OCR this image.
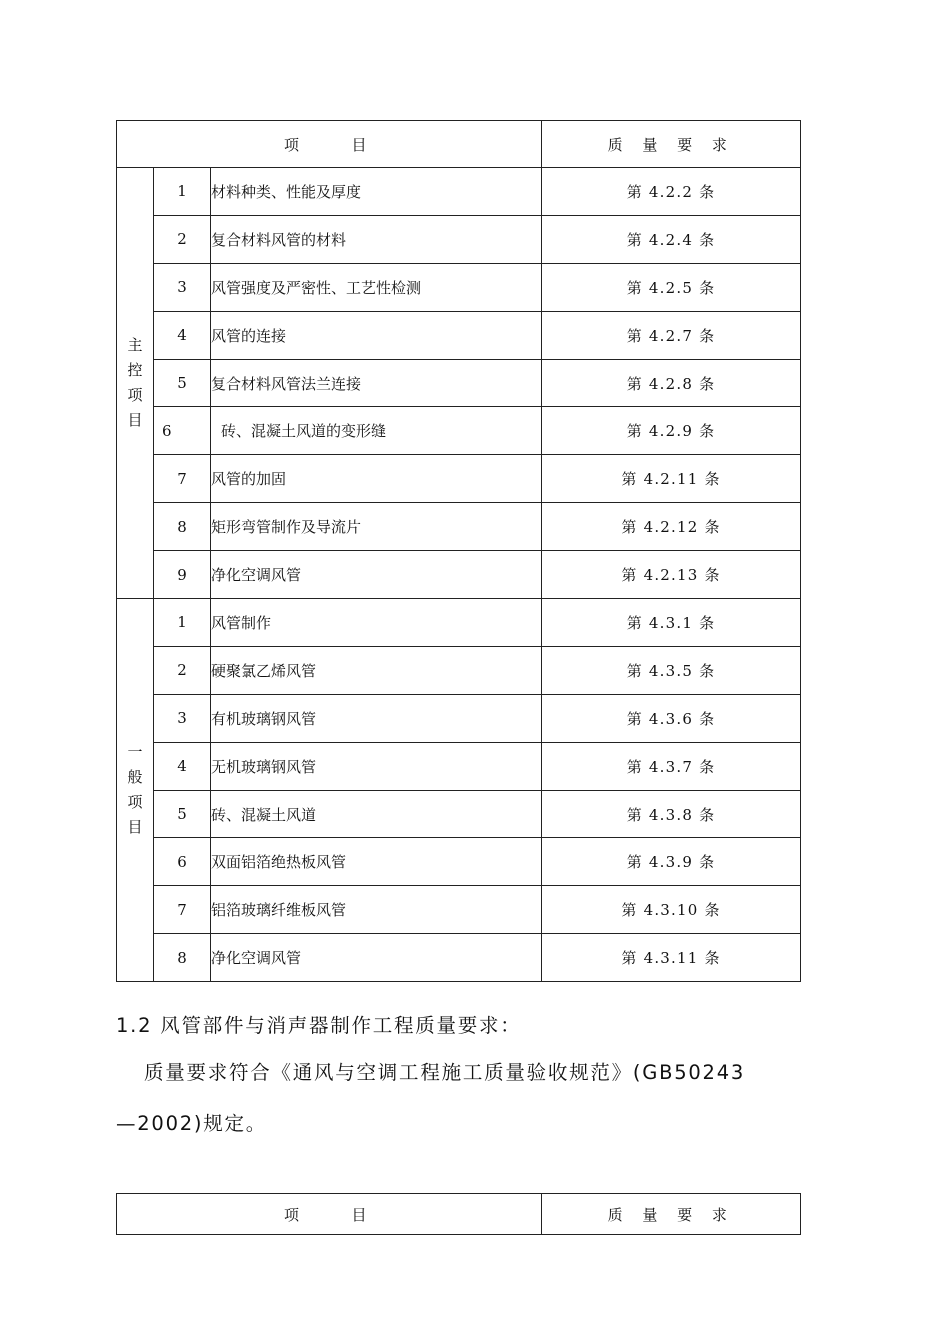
项　　目			质 量 要 求

主
控
项
目	1	材料种类、性能及厚度	第 4.2.2 条
	2	复合材料风管的材料	第 4.2.4 条
	3	风管强度及严密性、工艺性检测	第 4.2.5 条
	4	风管的连接	第 4.2.7 条
	5	复合材料风管法兰连接	第 4.2.8 条
	6	砖、混凝土风道的变形缝	第 4.2.9 条
	7	风管的加固	第 4.2.11 条
	8	矩形弯管制作及导流片	第 4.2.12 条
	9	净化空调风管	第 4.2.13 条

一
般
项
目	1	风管制作	第 4.3.1 条
	2	硬聚氯乙烯风管	第 4.3.5 条
	3	有机玻璃钢风管	第 4.3.6 条
	4	无机玻璃钢风管	第 4.3.7 条
	5	砖、混凝土风道	第 4.3.8 条
	6	双面铝箔绝热板风管	第 4.3.9 条
	7	铝箔玻璃纤维板风管	第 4.3.10 条
	8	净化空调风管	第 4.3.11 条
1.2 风管部件与消声器制作工程质量要求：
质量要求符合《通风与空调工程施工质量验收规范》(GB50243
—2002)规定。
项　　目	质 量 要 求
